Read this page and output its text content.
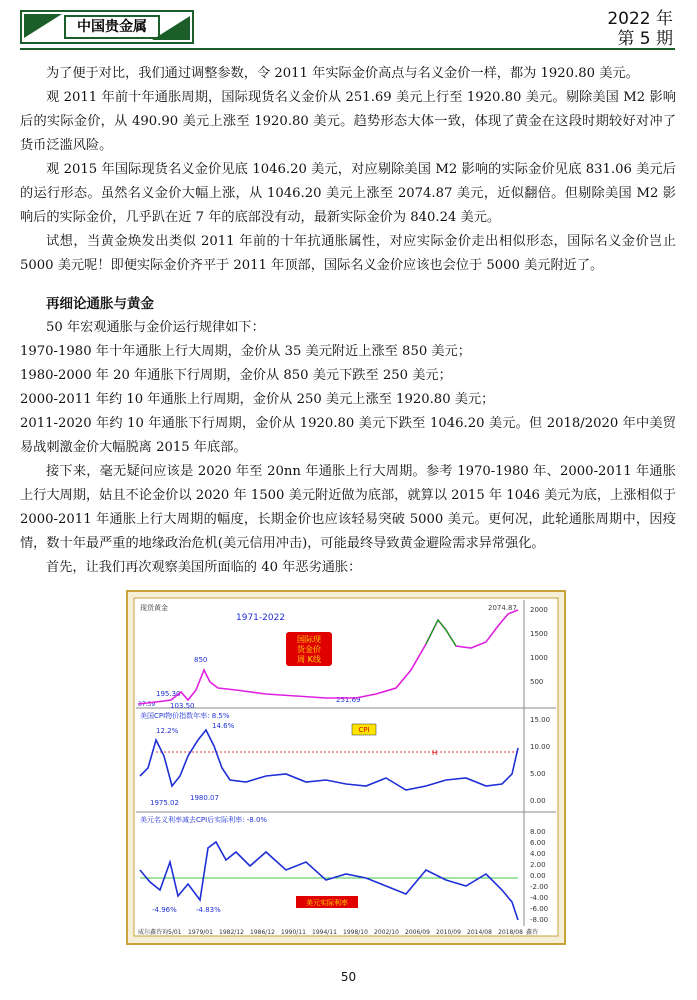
中国贵金属	2022 年
第 5 期

为了便于对比，我们通过调整参数，令 2011 年实际金价高点与名义金价一样，都为 1920.80 美元。

观 2011 年前十年通胀周期，国际现货名义金价从 251.69 美元上行至 1920.80 美元。剔除美国 M2 影响后的实际金价，从 490.90 美元上涨至 1920.80 美元。趋势形态大体一致，体现了黄金在这段时期较好对冲了货币泛滥风险。

观 2015 年国际现货名义金价见底 1046.20 美元，对应剔除美国 M2 影响的实际金价见底 831.06 美元后的运行形态。虽然名义金价大幅上涨，从 1046.20 美元上涨至 2074.87 美元，近似翻倍。但剔除美国 M2 影响后的实际金价，几乎趴在近 7 年的底部没有动，最新实际金价为 840.24 美元。

试想，当黄金焕发出类似 2011 年前的十年抗通胀属性，对应实际金价走出相似形态，国际名义金价岂止 5000 美元呢！即便实际金价齐平于 2011 年顶部，国际名义金价应该也会位于 5000 美元附近了。

再细论通胀与黄金

50 年宏观通胀与金价运行规律如下：

1970-1980 年十年通胀上行大周期，金价从 35 美元附近上涨至 850 美元；

1980-2000 年 20 年通胀下行周期，金价从 850 美元下跌至 250 美元；

2000-2011 年约 10 年通胀上行周期，金价从 250 美元上涨至 1920.80 美元；

2011-2020 年约 10 年通胀下行周期，金价从 1920.80 美元下跌至 1046.20 美元。但 2018/2020 年中美贸易战刺激金价大幅脱离 2015 年底部。

接下来，毫无疑问应该是 2020 年至 20nn 年通胀上行大周期。参考 1970-1980 年、2000-2011 年通胀上行大周期，姑且不论金价以 2020 年 1500 美元附近做为底部，就算以 2015 年 1046 美元为底，上涨相似于 2000-2011 年通胀上行大周期的幅度，长期金价也应该轻易突破 5000 美元。更何况，此轮通胀周期中，因疫情，数十年最严重的地缘政治危机(美元信用冲击)，可能最终导致黄金避险需求异常强化。

首先，让我们再次观察美国所面临的 40 年恶劣通胀：

现货黄金
1971-2022
国际现
货金价
周 K线
2074.87
850
195.30
103.50
251.69
37.39
2000
1500
1000
500
美国CPI物价指数年率: 8.5%
CPI
H
12.2%
14.6%
1975.02
1980.07
15.00
10.00
5.00
0.00
美元名义利率减去CPI后实际利率: -8.0%
-4.96%	-4.83%
美元实际利率
8.00
6.00
4.00
2.00
0.00
-2.00
-4.00
-6.00
-8.00
威尔鑫咨询 5/01 1979/01 1982/12 1986/12 1990/11 1994/11 1998/10 2002/10 2006/09 2010/09 2014/08 2018/08 鑫咨
50
